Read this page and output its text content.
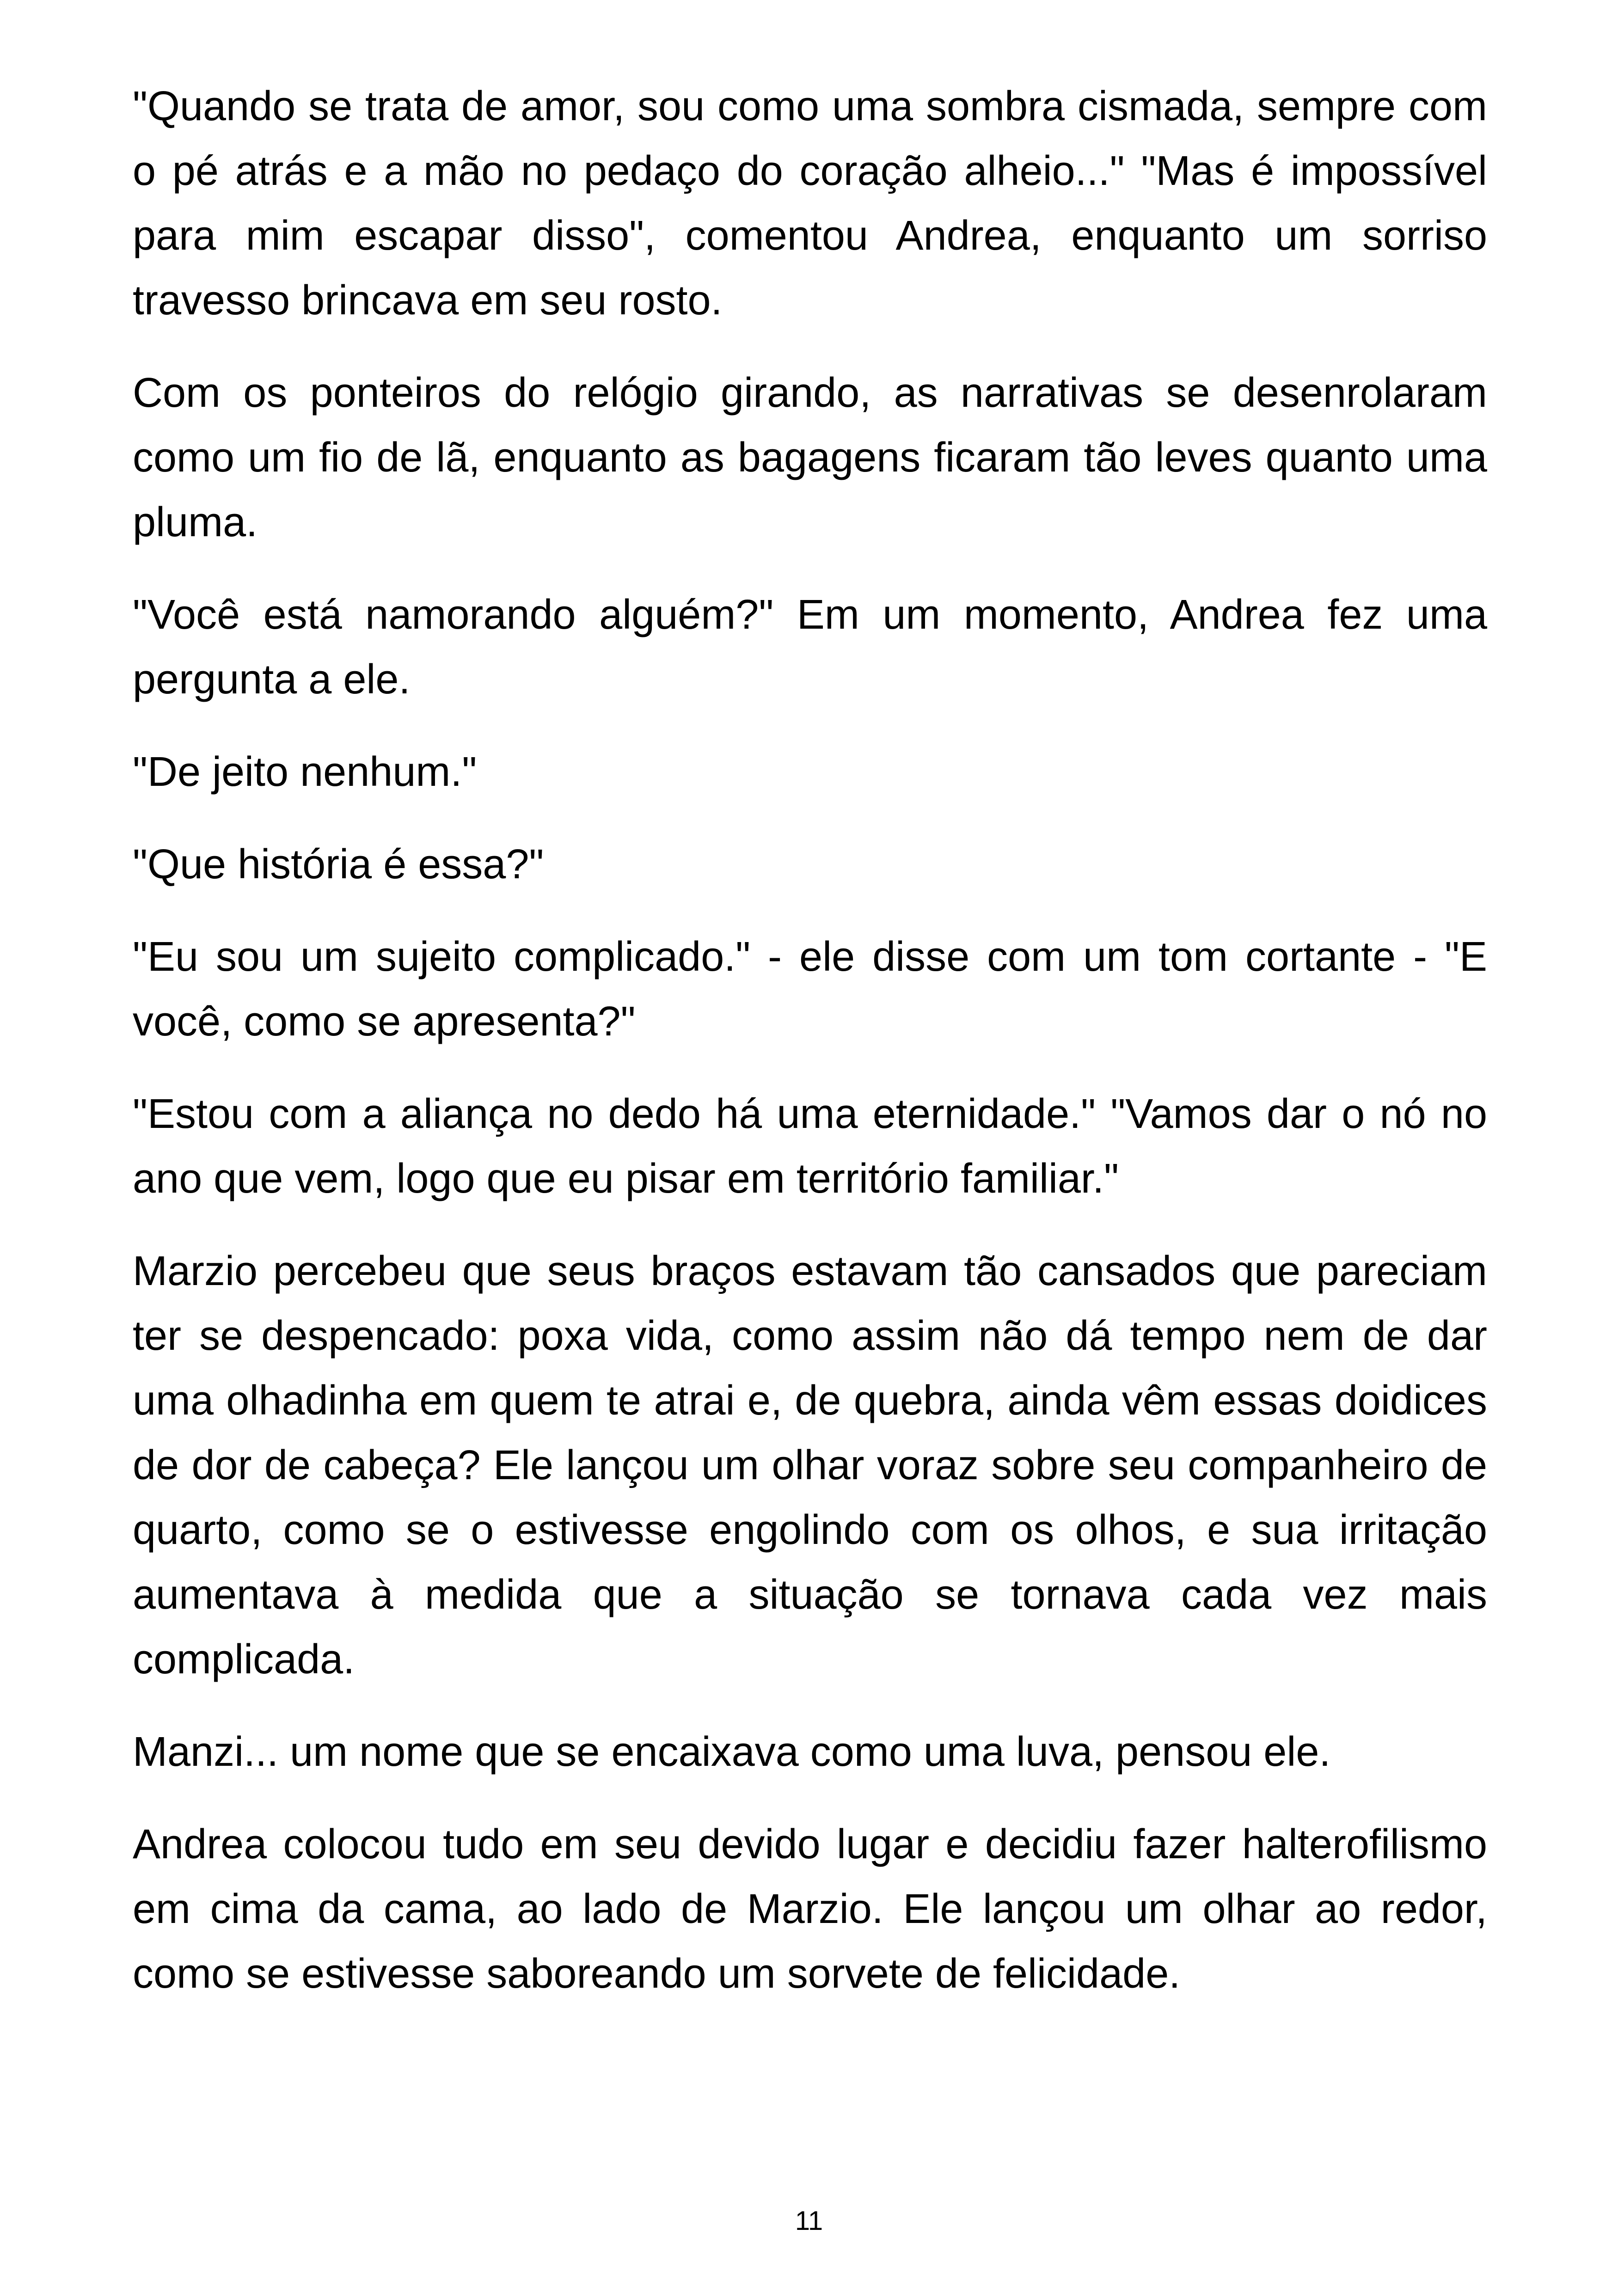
"Quando se trata de amor, sou como uma sombra cismada, sempre com o pé atrás e a mão no pedaço do coração alheio..." "Mas é impossível para mim escapar disso", comentou Andrea, enquanto um sorriso travesso brincava em seu rosto.

Com os ponteiros do relógio girando, as narrativas se desenrolaram como um fio de lã, enquanto as bagagens ficaram tão leves quanto uma pluma.

"Você está namorando alguém?" Em um momento, Andrea fez uma pergunta a ele.

"De jeito nenhum."

"Que história é essa?"

"Eu sou um sujeito complicado." - ele disse com um tom cortante - "E você, como se apresenta?"

"Estou com a aliança no dedo há uma eternidade." "Vamos dar o nó no ano que vem, logo que eu pisar em território familiar."

Marzio percebeu que seus braços estavam tão cansados que pareciam ter se despencado: poxa vida, como assim não dá tempo nem de dar uma olhadinha em quem te atrai e, de quebra, ainda vêm essas doidices de dor de cabeça? Ele lançou um olhar voraz sobre seu companheiro de quarto, como se o estivesse engolindo com os olhos, e sua irritação aumentava à medida que a situação se tornava cada vez mais complicada.

Manzi... um nome que se encaixava como uma luva, pensou ele.

Andrea colocou tudo em seu devido lugar e decidiu fazer halterofilismo em cima da cama, ao lado de Marzio. Ele lançou um olhar ao redor, como se estivesse saboreando um sorvete de felicidade.

11
